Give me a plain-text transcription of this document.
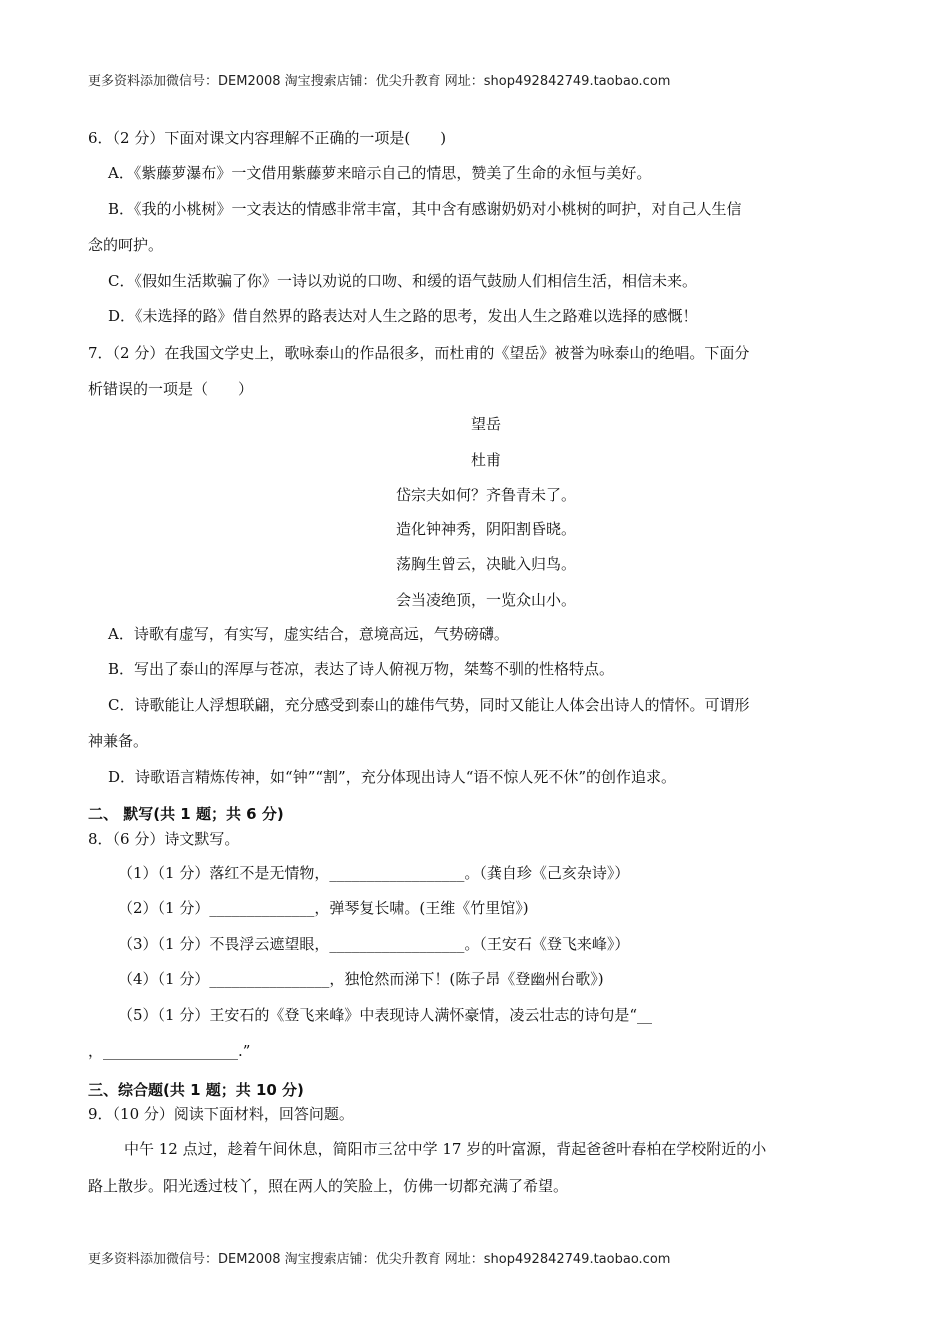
更多资料添加微信号：DEM2008 淘宝搜索店铺：优尖升教育 网址：shop492842749.taobao.com
6．（2 分）下面对课文内容理解不正确的一项是(　　)
A．《紫藤萝瀑布》一文借用紫藤萝来暗示自己的情思，赞美了生命的永恒与美好。
B．《我的小桃树》一文表达的情感非常丰富，其中含有感谢奶奶对小桃树的呵护，对自己人生信
念的呵护。
C．《假如生活欺骗了你》一诗以劝说的口吻、和缓的语气鼓励人们相信生活，相信未来。
D．《未选择的路》借自然界的路表达对人生之路的思考，发出人生之路难以选择的感慨！
7．（2 分）在我国文学史上，歌咏泰山的作品很多，而杜甫的《望岳》被誉为咏泰山的绝唱。下面分
析错误的一项是（　　）
望岳
杜甫
岱宗夫如何？齐鲁青未了。
造化钟神秀，阴阳割昏晓。
荡胸生曾云，决眦入归鸟。
会当凌绝顶，一览众山小。
A．诗歌有虚写，有实写，虚实结合，意境高远，气势磅礴。
B．写出了泰山的浑厚与苍凉，表达了诗人俯视万物，桀骜不驯的性格特点。
C．诗歌能让人浮想联翩，充分感受到泰山的雄伟气势，同时又能让人体会出诗人的情怀。可谓形
神兼备。
D．诗歌语言精炼传神，如“钟”“割”，充分体现出诗人“语不惊人死不休”的创作追求。
二、 默写(共 1 题；共 6 分)
8．（6 分）诗文默写。
（1）（1 分）落红不是无情物，__________________。（龚自珍《己亥杂诗》）
（2）（1 分）______________，弹琴复长啸。(王维《竹里馆》)
（3）（1 分）不畏浮云遮望眼，__________________。（王安石《登飞来峰》）
（4）（1 分）________________，独怆然而涕下！(陈子昂《登幽州台歌》)
（5）（1 分）王安石的《登飞来峰》中表现诗人满怀豪情，凌云壮志的诗句是“__
，__________________.”
三、综合题(共 1 题；共 10 分)
9．（10 分）阅读下面材料，回答问题。
中午 12 点过，趁着午间休息，简阳市三岔中学 17 岁的叶富源，背起爸爸叶春柏在学校附近的小
路上散步。阳光透过枝丫，照在两人的笑脸上，仿佛一切都充满了希望。
更多资料添加微信号：DEM2008 淘宝搜索店铺：优尖升教育 网址：shop492842749.taobao.com
